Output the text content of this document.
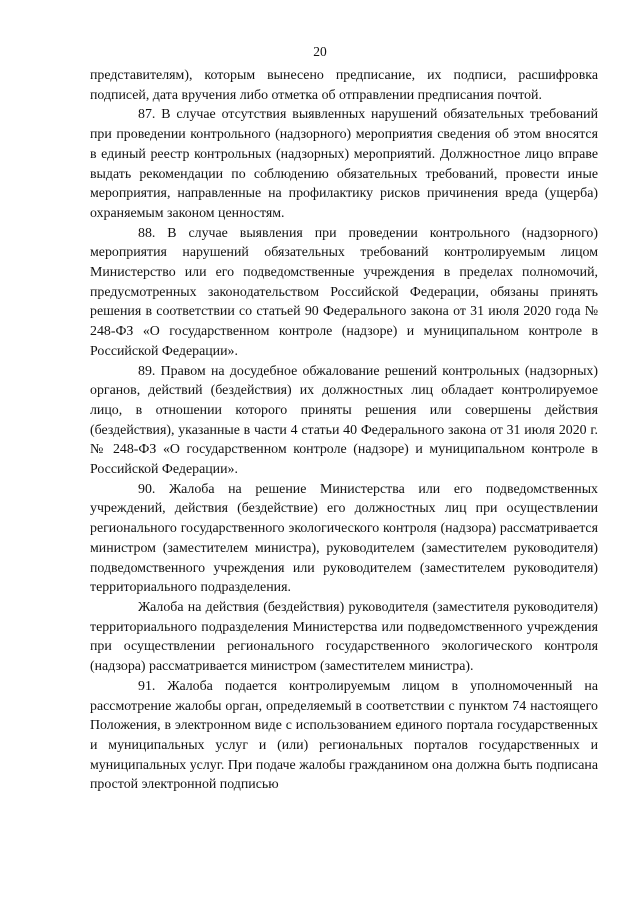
20

представителям), которым вынесено предписание, их подписи, расшифровка подписей, дата вручения либо отметка об отправлении предписания почтой.

87. В случае отсутствия выявленных нарушений обязательных требований при проведении контрольного (надзорного) мероприятия сведения об этом вносятся в единый реестр контрольных (надзорных) мероприятий. Должностное лицо вправе выдать рекомендации по соблюдению обязательных требований, провести иные мероприятия, направленные на профилактику рисков причинения вреда (ущерба) охраняемым законом ценностям.

88. В случае выявления при проведении контрольного (надзорного) мероприятия нарушений обязательных требований контролируемым лицом Министерство или его подведомственные учреждения в пределах полномочий, предусмотренных законодательством Российской Федерации, обязаны принять решения в соответствии со статьей 90 Федерального закона от 31 июля 2020 года № 248-ФЗ «О государственном контроле (надзоре) и муниципальном контроле в Российской Федерации».

89. Правом на досудебное обжалование решений контрольных (надзорных) органов, действий (бездействия) их должностных лиц обладает контролируемое лицо, в отношении которого приняты решения или совершены действия (бездействия), указанные в части 4 статьи 40 Федерального закона от 31 июля 2020 г. № 248-ФЗ «О государственном контроле (надзоре) и муниципальном контроле в Российской Федерации».

90. Жалоба на решение Министерства или его подведомственных учреждений, действия (бездействие) его должностных лиц при осуществлении регионального государственного экологического контроля (надзора) рассматривается министром (заместителем министра), руководителем (заместителем руководителя) подведомственного учреждения или руководителем (заместителем руководителя) территориального подразделения.

Жалоба на действия (бездействия) руководителя (заместителя руководителя) территориального подразделения Министерства или подведомственного учреждения при осуществлении регионального государственного экологического контроля (надзора) рассматривается министром (заместителем министра).

91. Жалоба подается контролируемым лицом в уполномоченный на рассмотрение жалобы орган, определяемый в соответствии с пунктом 74 настоящего Положения, в электронном виде с использованием единого портала государственных и муниципальных услуг и (или) региональных порталов государственных и муниципальных услуг. При подаче жалобы гражданином она должна быть подписана простой электронной подписью
